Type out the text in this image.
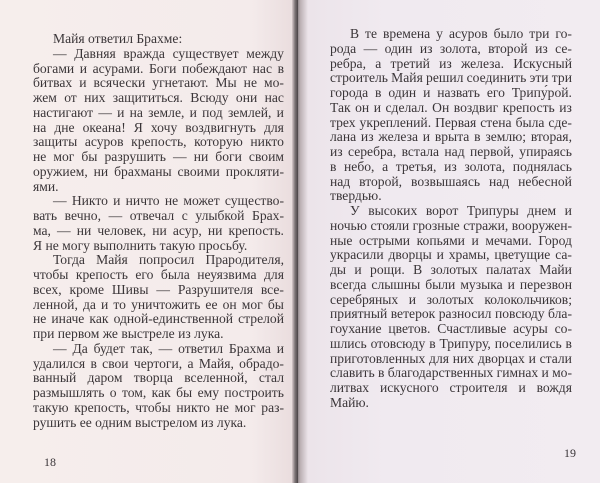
Майя ответил Брахме:
— Давняя вражда существует между
богами и асурами. Боги побеждают нас в
битвах и всячески угнетают. Мы не мо-
жем от них защититься. Всюду они нас
настигают — и на земле, и под землей, и
на дне океана! Я хочу воздвигнуть для
защиты асуров крепость, которую никто
не мог бы разрушить — ни боги своим
оружием, ни брахманы своими прокляти-
ями.
— Никто и ничто не может существо-
вать вечно, — отвечал с улыбкой Брах-
ма, — ни человек, ни асур, ни крепость.
Я не могу выполнить такую просьбу.
Тогда Майя попросил Прародителя,
чтобы крепость его была неуязвима для
всех, кроме Шивы — Разрушителя все-
ленной, да и то уничтожить ее он мог бы
не иначе как одной-единственной стрелой
при первом же выстреле из лука.
— Да будет так, — ответил Брахма и
удалился в свои чертоги, а Майя, обрадо-
ванный даром творца вселенной, стал
размышлять о том, как бы ему построить
такую крепость, чтобы никто не мог раз-
рушить ее одним выстрелом из лука.
18
В те времена у асуров было три го-
рода — один из золота, второй из се-
ребра, а третий из железа. Искусный
строитель Майя решил соединить эти три
города в один и назвать его Трипу́рой.
Так он и сделал. Он воздвиг крепость из
трех укреплений. Первая стена была сде-
лана из железа и врыта в землю; вторая,
из серебра, встала над первой, упираясь
в небо, а третья, из золота, поднялась
над второй, возвышаясь над небесной
твердью.
У высоких ворот Трипуры днем и
ночью стояли грозные стражи, вооружен-
ные острыми копьями и мечами. Город
украсили дворцы и храмы, цветущие са-
ды и рощи. В золотых палатах Майи
всегда слышны были музыка и перезвон
серебряных и золотых колокольчиков;
приятный ветерок разносил повсюду бла-
гоухание цветов. Счастливые асуры со-
шлись отовсюду в Трипуру, поселились в
приготовленных для них дворцах и стали
славить в благодарственных гимнах и мо-
литвах искусного строителя и вождя
Майю.
19
